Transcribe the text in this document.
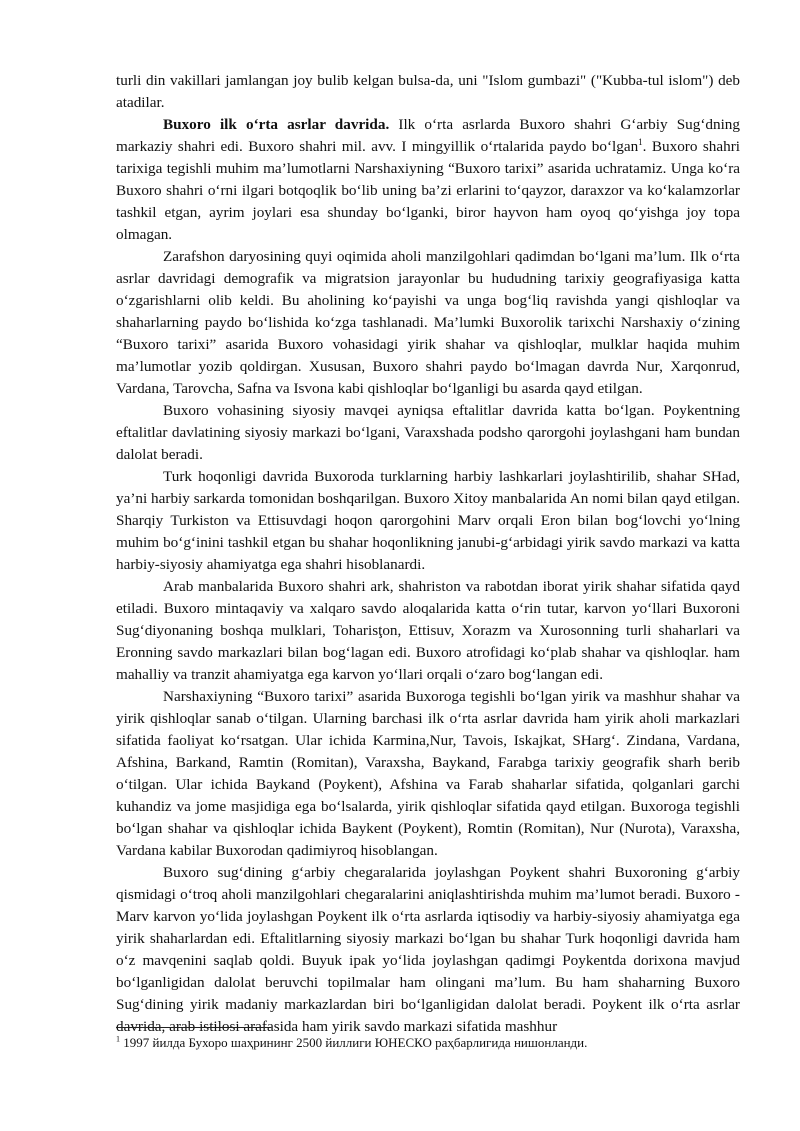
turli din vakillari jamlangan joy bulib kelgan bulsa-da, uni "Islom gumbazi" ("Kubba-tul islom") deb atadilar.

Buxoro ilk o‘rta asrlar davrida. Ilk o‘rta asrlarda Buxoro shahri G‘arbiy Sug‘dning markaziy shahri edi. Buxoro shahri mil. avv. I mingyillik o‘rtalarida paydo bo‘lgan$^1$. Buxoro shahri tarixiga tegishli muhim ma’lumotlarni Narshaxiyning “Buxoro tarixi” asarida uchratamiz. Unga ko‘ra Buxoro shahri o‘rni ilgari botqoqlik bo‘lib uning ba’zi erlarini to‘qayzor, daraxzor va ko‘kalamzorlar tashkil etgan, ayrim joylari esa shunday bo‘lganki, biror hayvon ham oyoq qo‘yishga joy topa olmagan.

Zarafshon daryosining quyi oqimida aholi manzilgohlari qadimdan bo‘lgani ma’lum. Ilk o‘rta asrlar davridagi demografik va migratsion jarayonlar bu hududning tarixiy geografiyasiga katta o‘zgarishlarni olib keldi. Bu aholining ko‘payishi va unga bog‘liq ravishda yangi qishloqlar va shaharlarning paydo bo‘lishida ko‘zga tashlanadi. Ma’lumki Buxorolik tarixchi Narshaxiy o‘zining “Buxoro tarixi” asarida Buxoro vohasidagi yirik shahar va qishloqlar, mulklar haqida muhim ma’lumotlar yozib qoldirgan. Xususan, Buxoro shahri paydo bo‘lmagan davrda Nur, Xarqonrud, Vardana, Tarovcha, Safna va Isvona kabi qishloqlar bo‘lganligi bu asarda qayd etilgan.

Buxoro vohasining siyosiy mavqei ayniqsa eftalitlar davrida katta bo‘lgan. Poykentning eftalitlar davlatining siyosiy markazi bo‘lgani, Varaxshada podsho qarorgohi joylashgani ham bundan dalolat beradi.

Turk hoqonligi davrida Buxoroda turklarning harbiy lashkarlari joylashtirilib, shahar SHad, ya’ni harbiy sarkarda tomonidan boshqarilgan. Buxoro Xitoy manbalarida An nomi bilan qayd etilgan. Sharqiy Turkiston va Ettisuvdagi hoqon qarorgohini Marv orqali Eron bilan bog‘lovchi yo‘lning muhim bo‘g‘inini tashkil etgan bu shahar hoqonlikning janubi-g‘arbidagi yirik savdo markazi va katta harbiy-siyosiy ahamiyatga ega shahri hisoblanardi.

Arab manbalarida Buxoro shahri ark, shahriston va rabotdan iborat yirik shahar sifatida qayd etiladi. Buxoro mintaqaviy va xalqaro savdo aloqalarida katta o‘rin tutar, karvon yo‘llari Buxoroni Sug‘diyonaning boshqa mulklari, Toharisţon, Ettisuv, Xorazm va Xurosonning turli shaharlari va Eronning savdo markazlari bilan bog‘lagan edi. Buxoro atrofidagi ko‘plab shahar va qishloqlar. ham mahalliy va tranzit ahamiyatga ega karvon yo‘llari orqali o‘zaro bog‘langan edi.

Narshaxiyning “Buxoro tarixi” asarida Buxoroga tegishli bo‘lgan yirik va mashhur shahar va yirik qishloqlar sanab o‘tilgan. Ularning barchasi ilk o‘rta asrlar davrida ham yirik aholi markazlari sifatida faoliyat ko‘rsatgan. Ular ichida Karmina,Nur, Tavois, Iskajkat, SHarg‘. Zindana, Vardana, Afshina, Barkand, Ramtin (Romitan), Varaxsha, Baykand, Farabga tarixiy geografik sharh berib o‘tilgan. Ular ichida Baykand (Poykent), Afshina va Farab shaharlar sifatida, qolganlari garchi kuhandiz va jome masjidiga ega bo‘lsalarda, yirik qishloqlar sifatida qayd etilgan. Buxoroga tegishli bo‘lgan shahar va qishloqlar ichida Baykent (Poykent), Romtin (Romitan), Nur (Nurota), Varaxsha, Vardana kabilar Buxorodan qadimiyroq hisoblangan.

Buxoro sug‘dining g‘arbiy chegaralarida joylashgan Poykent shahri Buxoroning g‘arbiy qismidagi o‘troq aholi manzilgohlari chegaralarini aniqlashtirishda muhim ma’lumot beradi. Buxoro - Marv karvon yo‘lida joylashgan Poykent ilk o‘rta asrlarda iqtisodiy va harbiy-siyosiy ahamiyatga ega yirik shaharlardan edi. Eftalitlarning siyosiy markazi bo‘lgan bu shahar Turk hoqonligi davrida ham o‘z mavqenini saqlab qoldi. Buyuk ipak yo‘lida joylashgan qadimgi Poykentda dorixona mavjud bo‘lganligidan dalolat beruvchi topilmalar ham olingani ma’lum. Bu ham shaharning Buxoro Sug‘dining yirik madaniy markazlardan biri bo‘lganligidan dalolat beradi. Poykent ilk o‘rta asrlar davrida, arab istilosi arafasida ham yirik savdo markazi sifatida mashhur

$^1$ 1997 йилда Бухоро шаҳрининг 2500 йиллиги ЮНЕСКО раҳбарлигида нишонланди.
